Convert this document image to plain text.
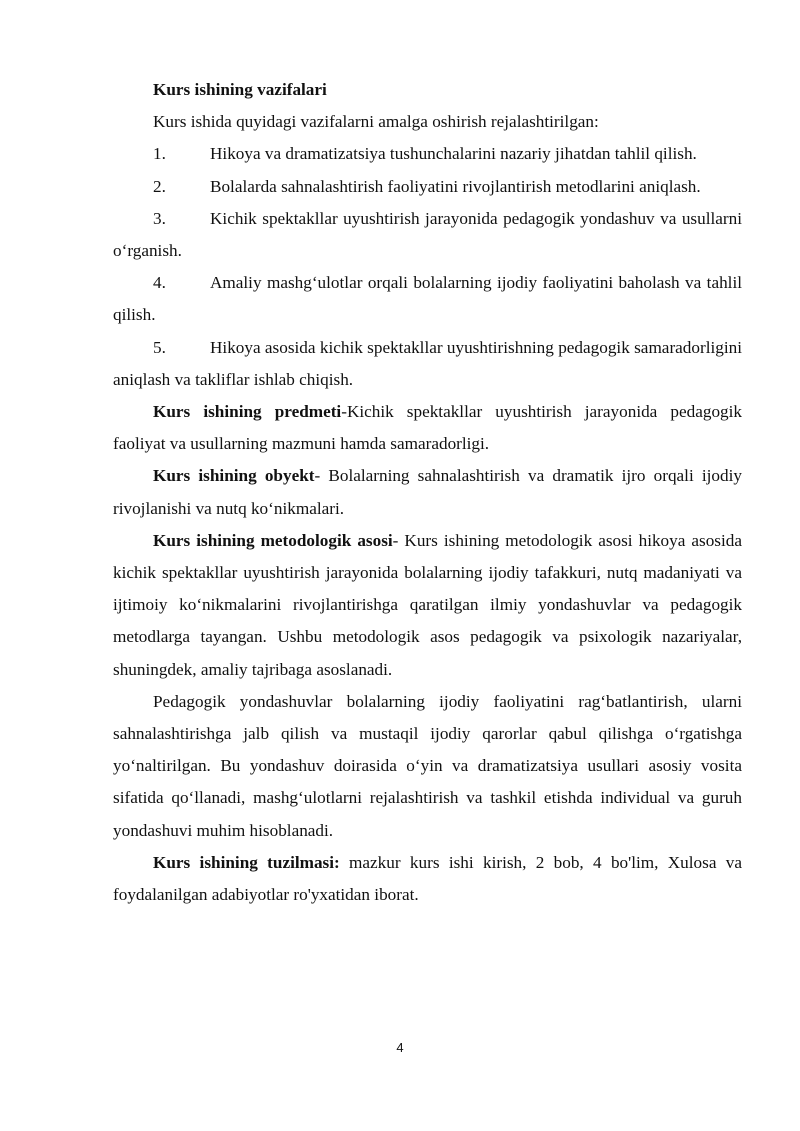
Kurs ishining vazifalari

Kurs ishida quyidagi vazifalarni amalga oshirish rejalashtirilgan:

1.	Hikoya va dramatizatsiya tushunchalarini nazariy jihatdan tahlil qilish.

2.	Bolalarda sahnalashtirish faoliyatini rivojlantirish metodlarini aniqlash.

3.	Kichik spektakllar uyushtirish jarayonida pedagogik yondashuv va usullarni o‘rganish.

4.	Amaliy mashg‘ulotlar orqali bolalarning ijodiy faoliyatini baholash va tahlil qilish.

5.	Hikoya asosida kichik spektakllar uyushtirishning pedagogik samaradorligini aniqlash va takliflar ishlab chiqish.

Kurs ishining predmeti-Kichik spektakllar uyushtirish jarayonida pedagogik faoliyat va usullarning mazmuni hamda samaradorligi.

Kurs ishining obyekt- Bolalarning sahnalashtirish va dramatik ijro orqali ijodiy rivojlanishi va nutq ko‘nikmalari.

Kurs ishining metodologik asosi- Kurs ishining metodologik asosi hikoya asosida kichik spektakllar uyushtirish jarayonida bolalarning ijodiy tafakkuri, nutq madaniyati va ijtimoiy ko‘nikmalarini rivojlantirishga qaratilgan ilmiy yondashuvlar va pedagogik metodlarga tayangan. Ushbu metodologik asos pedagogik va psixologik nazariyalar, shuningdek, amaliy tajribaga asoslanadi.

Pedagogik yondashuvlar bolalarning ijodiy faoliyatini rag‘batlantirish, ularni sahnalashtirishga jalb qilish va mustaqil ijodiy qarorlar qabul qilishga o‘rgatishga yo‘naltirilgan. Bu yondashuv doirasida o‘yin va dramatizatsiya usullari asosiy vosita sifatida qo‘llanadi, mashg‘ulotlarni rejalashtirish va tashkil etishda individual va guruh yondashuvi muhim hisoblanadi.

Kurs ishining tuzilmasi: mazkur kurs ishi kirish, 2 bob, 4 bo'lim, Xulosa va foydalanilgan adabiyotlar ro'yxatidan iborat.

4
